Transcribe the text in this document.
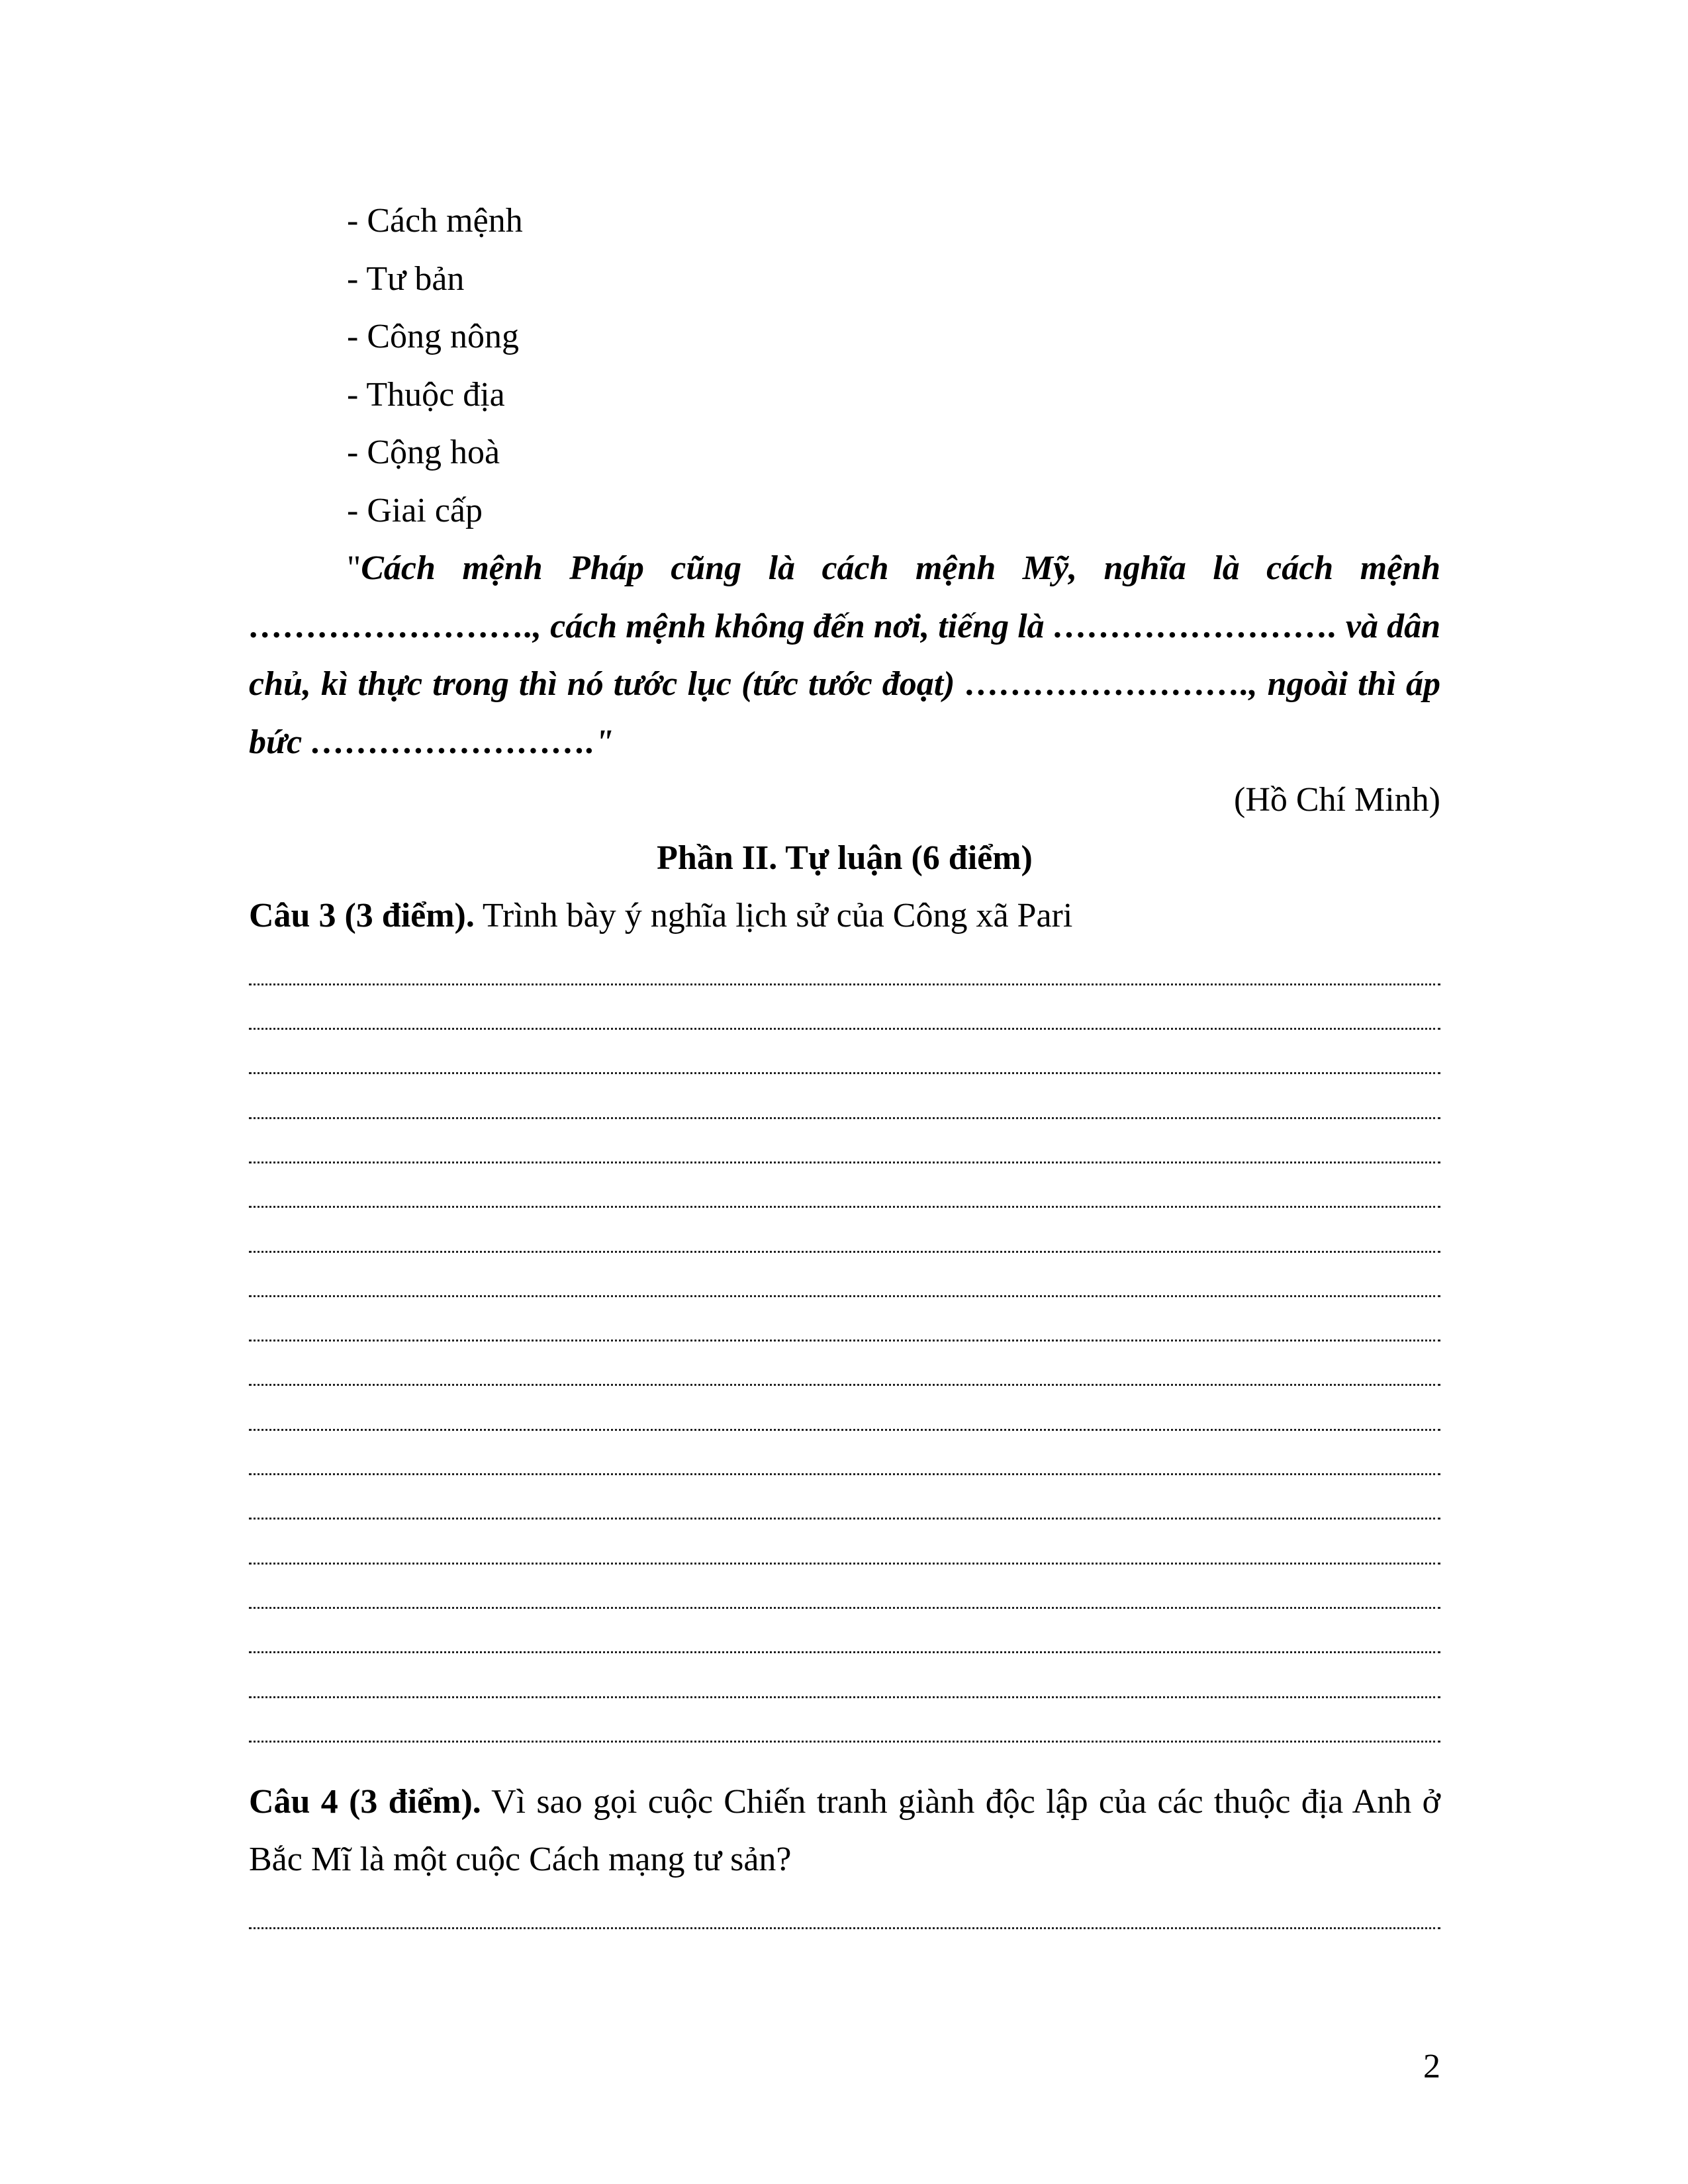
- Cách mệnh
- Tư bản
- Công nông
- Thuộc địa
- Cộng hoà
- Giai cấp

"Cách mệnh Pháp cũng là cách mệnh Mỹ, nghĩa là cách mệnh ……………………., cách mệnh không đến nơi, tiếng là ……………………. và dân chủ, kì thực trong thì nó tước lục (tức tước đoạt) ……………………., ngoài thì áp bức ……………………."

(Hồ Chí Minh)
Phần II. Tự luận (6 điểm)

Câu 3 (3 điểm). Trình bày ý nghĩa lịch sử của Công xã Pari

Câu 4 (3 điểm). Vì sao gọi cuộc Chiến tranh giành độc lập của các thuộc địa Anh ở Bắc Mĩ là một cuộc Cách mạng tư sản?

2
